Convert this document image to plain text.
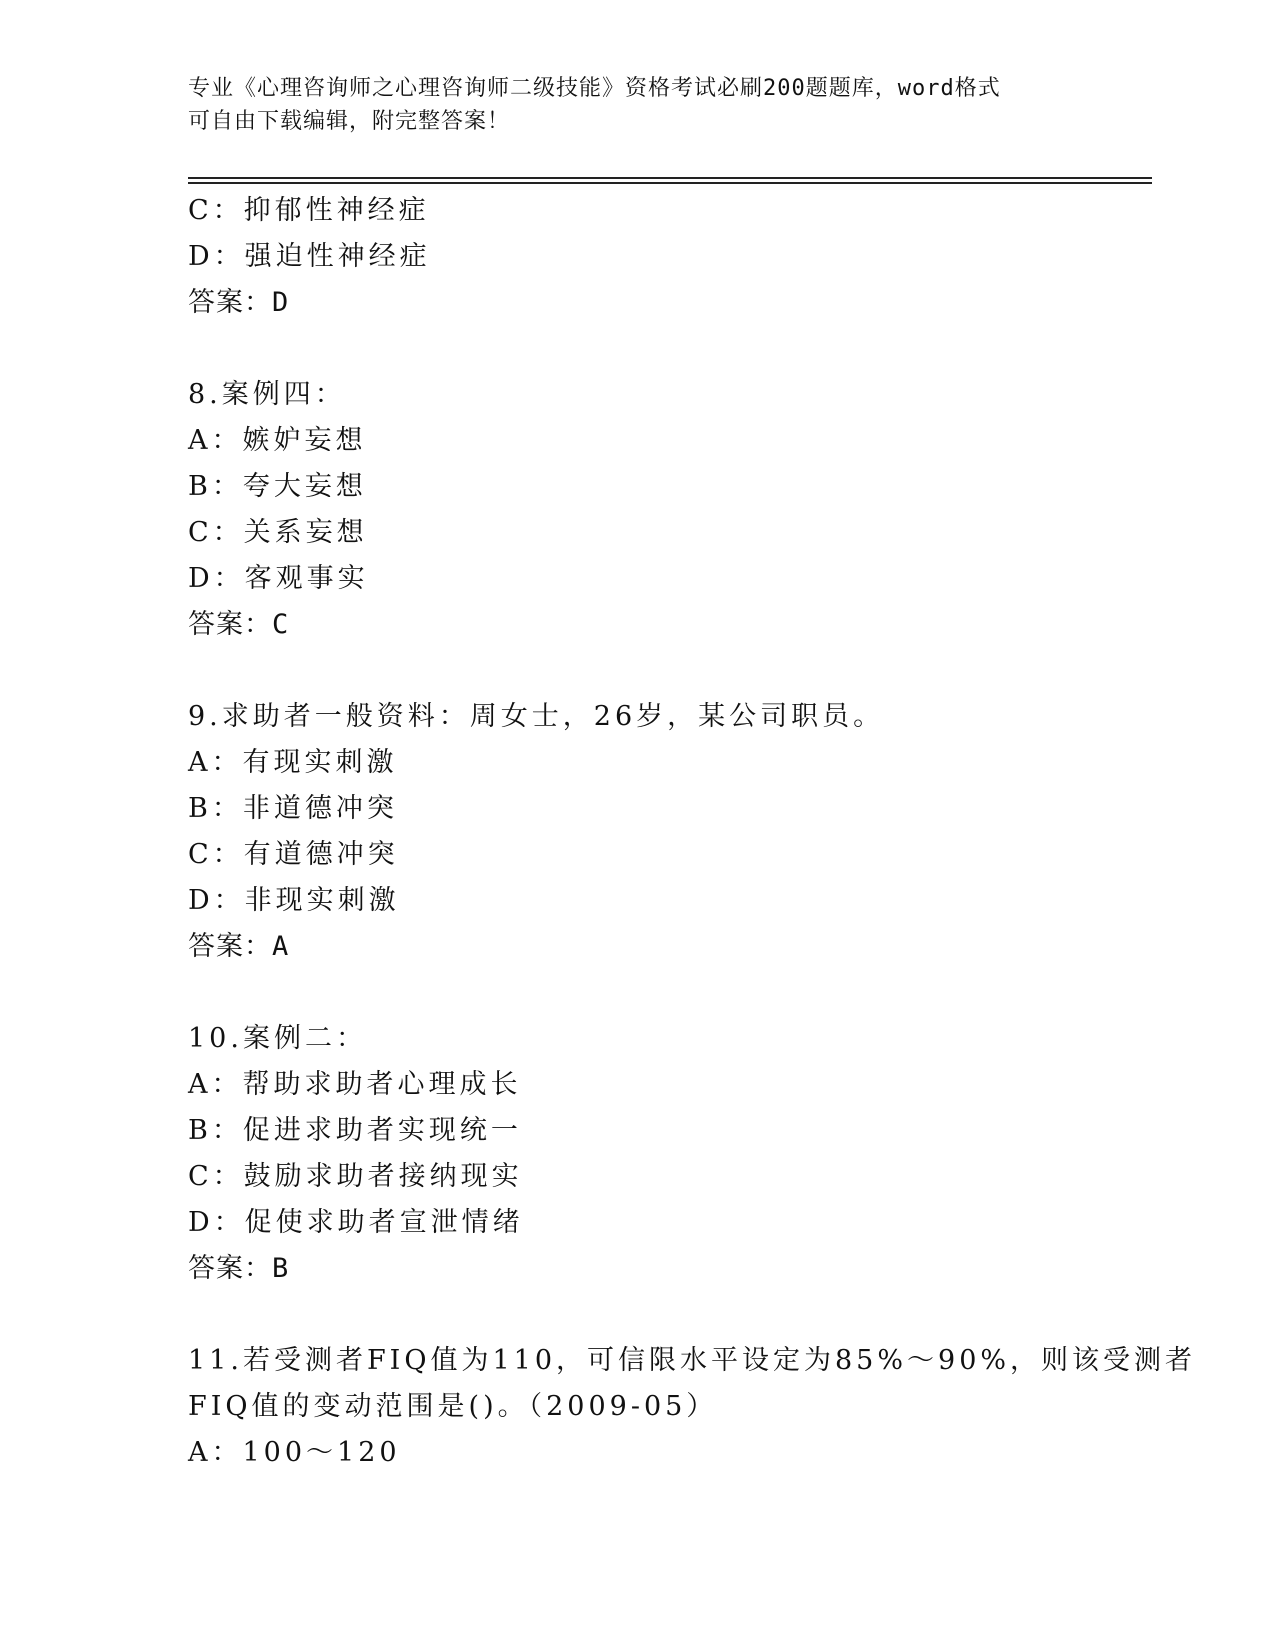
专业《心理咨询师之心理咨询师二级技能》资格考试必刷200题题库，word格式
可自由下载编辑，附完整答案！
C：抑郁性神经症
D：强迫性神经症
答案：D
8.案例四：
A：嫉妒妄想
B：夸大妄想
C：关系妄想
D：客观事实
答案：C
9.求助者一般资料：周女士，26岁，某公司职员。
A：有现实刺激
B：非道德冲突
C：有道德冲突
D：非现实刺激
答案：A
10.案例二：
A：帮助求助者心理成长
B：促进求助者实现统一
C：鼓励求助者接纳现实
D：促使求助者宣泄情绪
答案：B
11.若受测者FIQ值为110，可信限水平设定为85%～90%，则该受测者
FIQ值的变动范围是()。（2009-05）
A：100～120
